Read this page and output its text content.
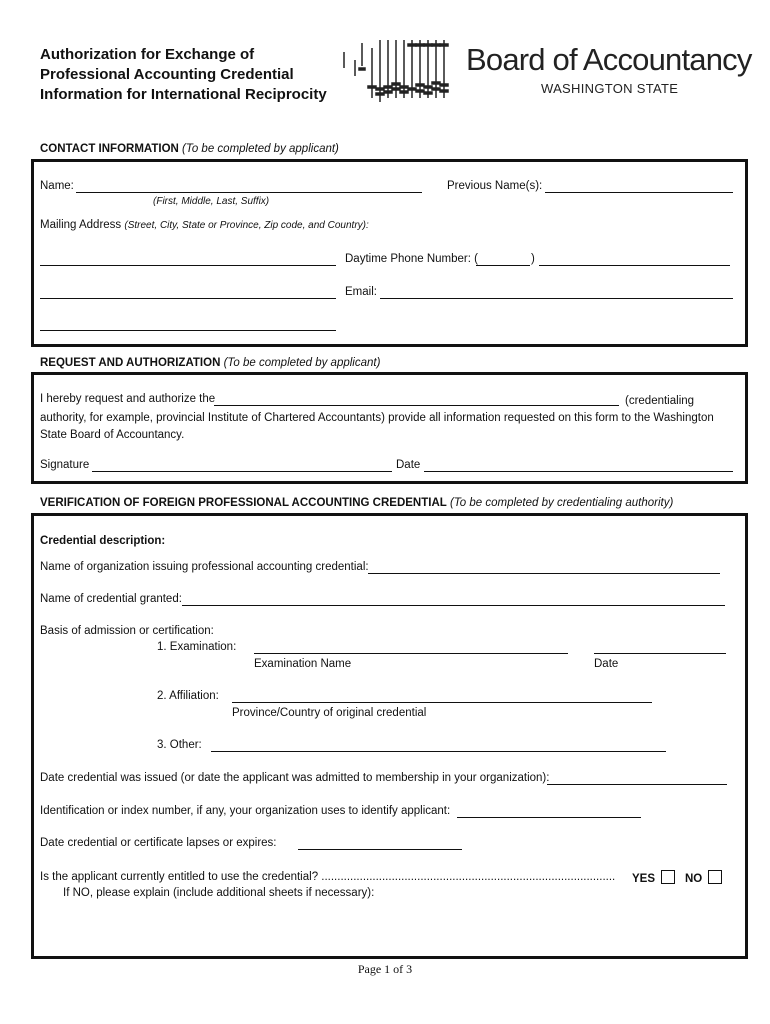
Authorization for Exchange of
Professional Accounting Credential
Information for International Reciprocity
Board of Accountancy
WASHINGTON STATE
CONTACT INFORMATION (To be completed by applicant)
Name:
(First, Middle, Last, Suffix)
Previous Name(s):
Mailing Address (Street, City, State or Province, Zip code, and Country):
Daytime Phone Number: (	)
Email:
REQUEST AND AUTHORIZATION (To be completed by applicant)
I hereby request and authorize the	(credentialing authority, for example, provincial Institute of Chartered Accountants) provide all information requested on this form to the Washington State Board of Accountancy.
Signature	Date
VERIFICATION OF FOREIGN PROFESSIONAL ACCOUNTING CREDENTIAL (To be completed by credentialing authority)
Credential description:
Name of organization issuing professional accounting credential:
Name of credential granted:
Basis of admission or certification:
1. Examination:
Examination Name	Date
2. Affiliation:
Province/Country of original credential
3. Other:
Date credential was issued (or date the applicant was admitted to membership in your organization):
Identification or index number, if any, your organization uses to identify applicant:
Date credential or certificate lapses or expires:
Is the applicant currently entitled to use the credential? ............................................................................................	YES	NO
If NO, please explain (include additional sheets if necessary):
Page 1 of 3
